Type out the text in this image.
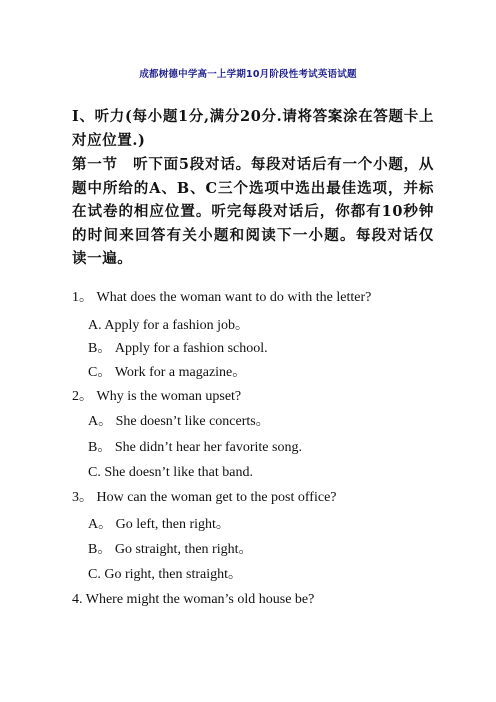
成都树德中学高一上学期10月阶段性考试英语试题
I、听力(每小题1分,满分20分.请将答案涂在答题卡上对应位置.)
第一节　听下面5段对话。每段对话后有一个小题，从题中所给的A、B、C三个选项中选出最佳选项，并标在试卷的相应位置。听完每段对话后，你都有10秒钟的时间来回答有关小题和阅读下一小题。每段对话仅读一遍。
1。 What does the woman want to do with the letter?
A. Apply for a fashion job。
B。 Apply for a fashion school.
C。 Work for a magazine。
2。 Why is the woman upset?
A。 She doesn’t like concerts。
B。 She didn’t hear her favorite song.
C. She doesn’t like that band.
3。 How can the woman get to the post office?
A。 Go left, then right。
B。 Go straight, then right。
C. Go right, then straight。
4. Where might the woman’s old house be?
